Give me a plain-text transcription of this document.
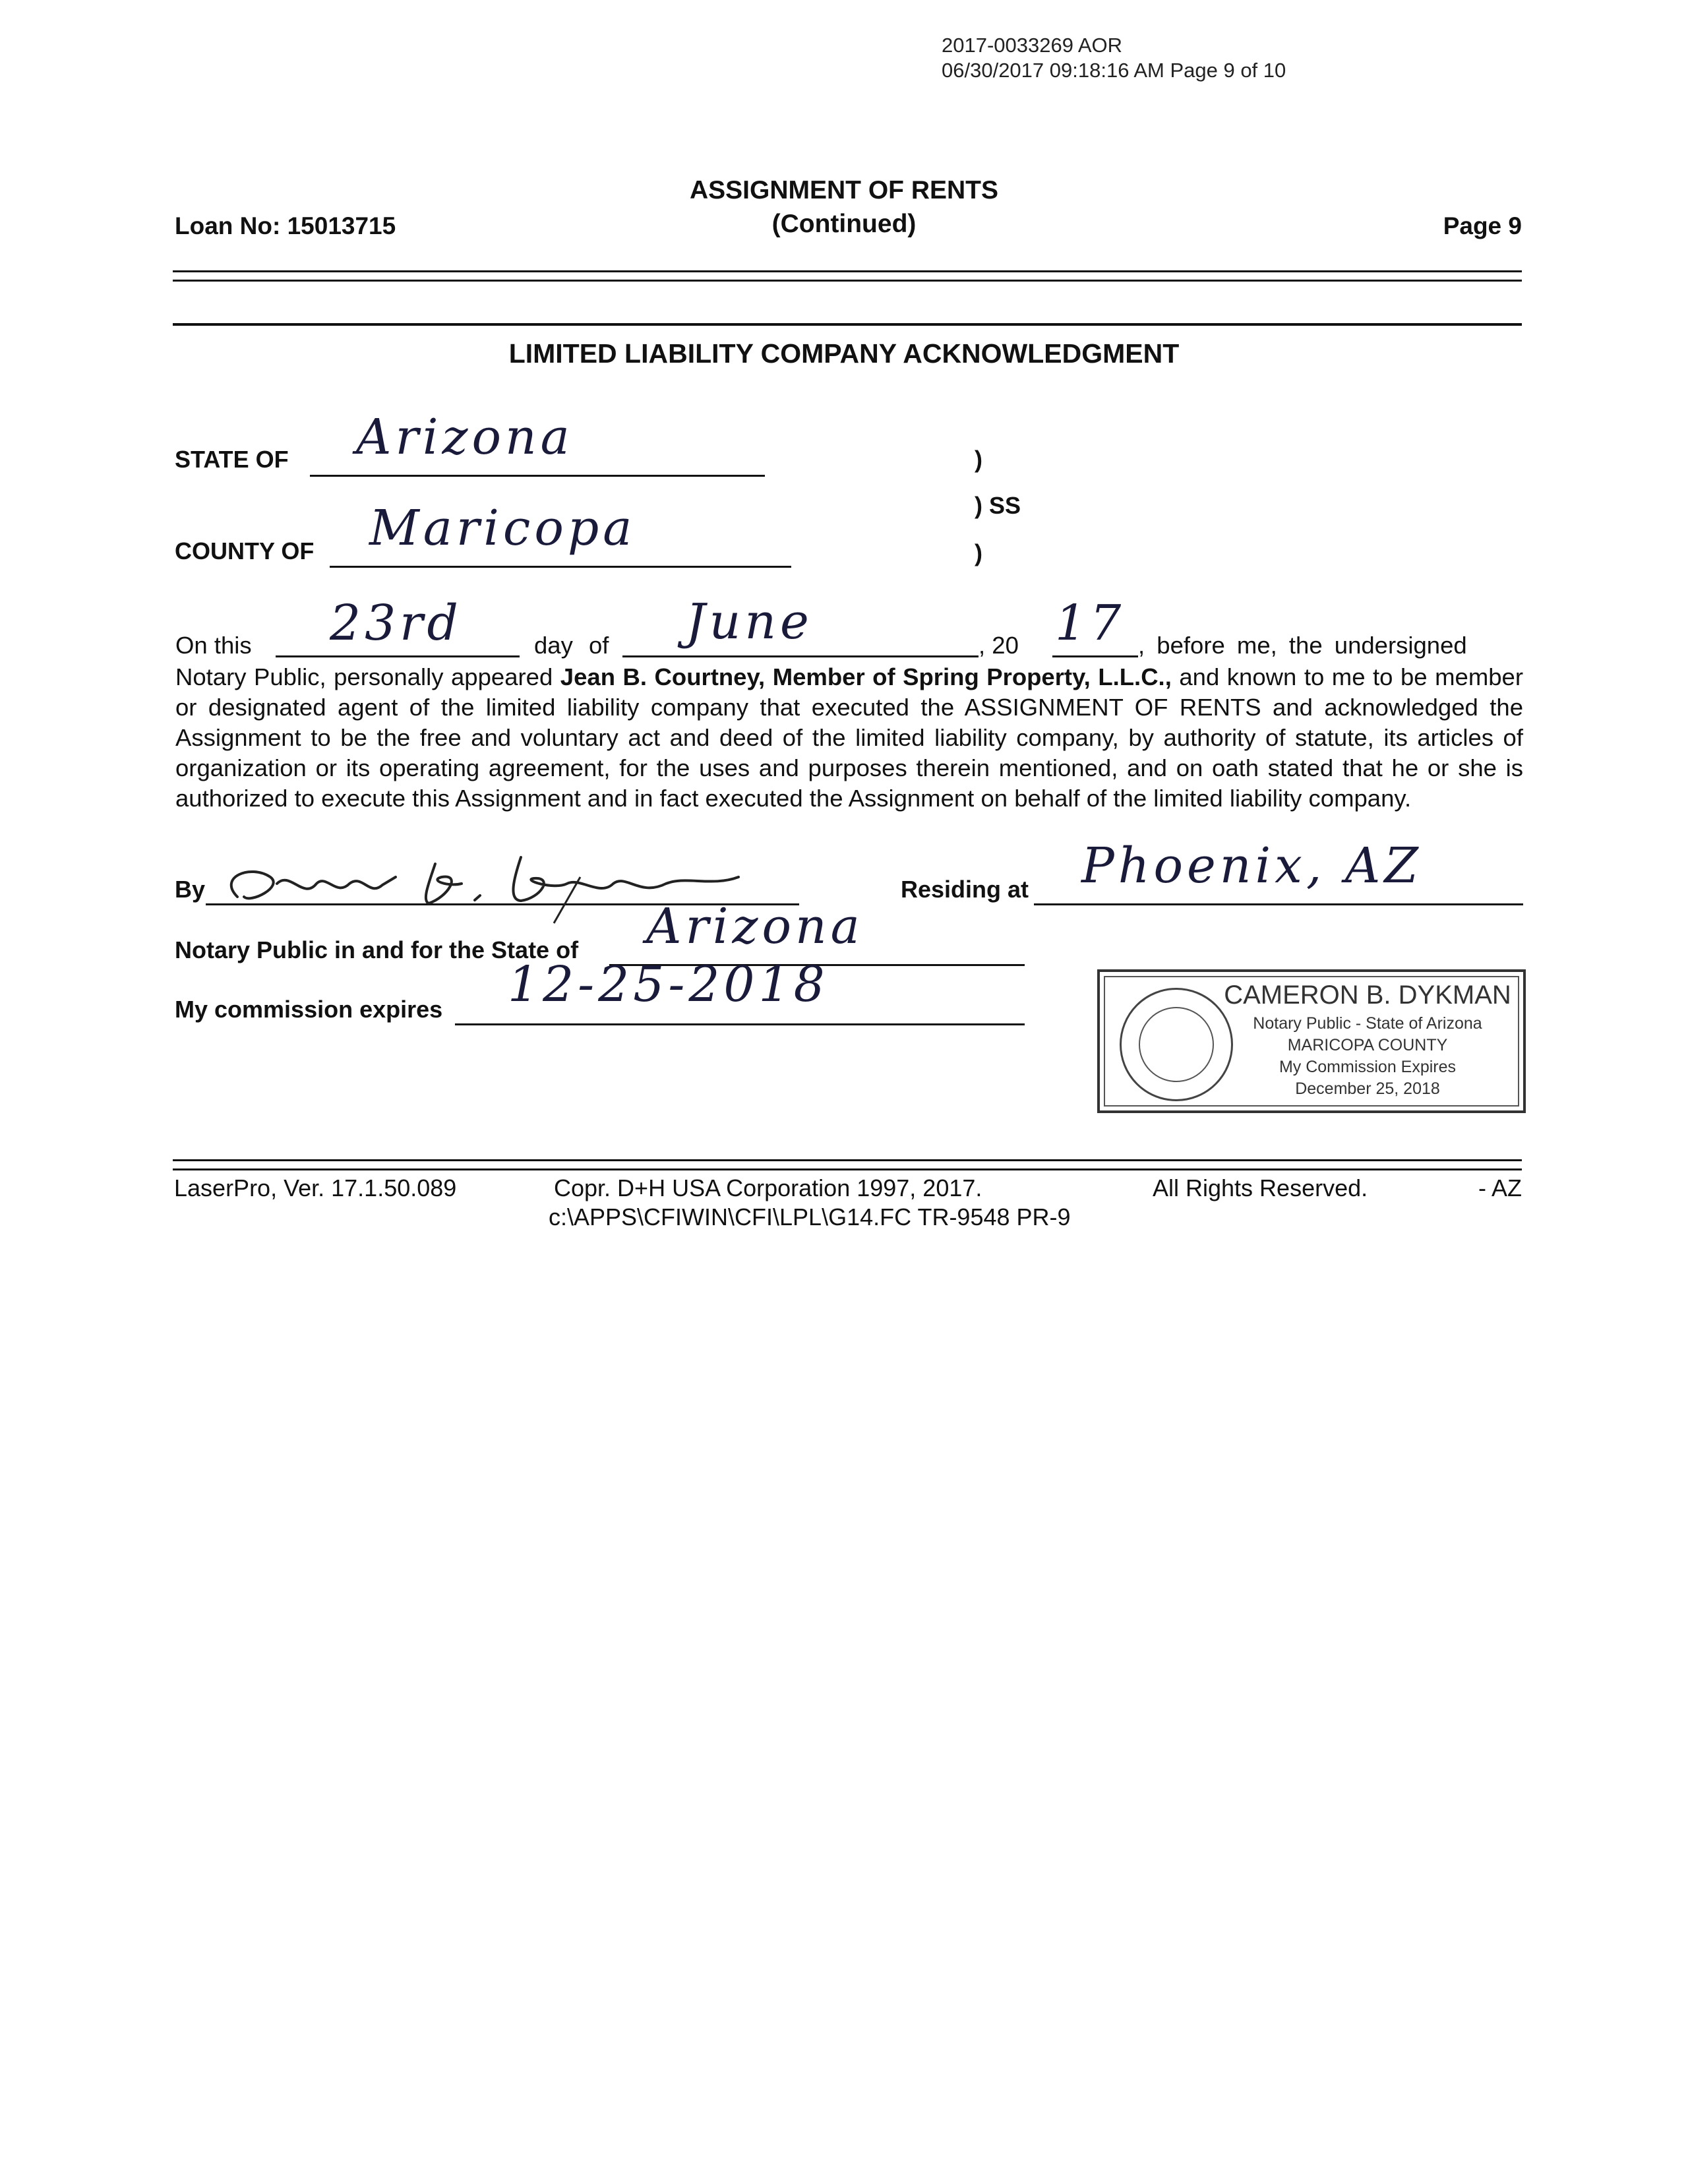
2017-0033269 AOR
06/30/2017 09:18:16 AM Page 9 of 10
ASSIGNMENT OF RENTS
(Continued)
Loan No: 15013715	Page 9
LIMITED LIABILITY COMPANY ACKNOWLEDGMENT
STATE OF Arizona
COUNTY OF Maricopa
)
) SS
)
On this 23rd	day of June	, 20 17 , before me, the undersigned
Notary Public, personally appeared Jean B. Courtney, Member of Spring Property, L.L.C., and known to me to be member or designated agent of the limited liability company that executed the ASSIGNMENT OF RENTS and acknowledged the Assignment to be the free and voluntary act and deed of the limited liability company, by authority of statute, its articles of organization or its operating agreement, for the uses and purposes therein mentioned, and on oath stated that he or she is authorized to execute this Assignment and in fact executed the Assignment on behalf of the limited liability company.
By	Residing at Phoenix, AZ
Notary Public in and for the State of Arizona
My commission expires 12-25-2018	CAMERON B. DYKMAN
Notary Public - State of Arizona
MARICOPA COUNTY
My Commission Expires
December 25, 2018
LaserPro, Ver. 17.1.50.089	Copr. D+H USA Corporation 1997, 2017.	All Rights Reserved.	- AZ
c:\APPS\CFIWIN\CFI\LPL\G14.FC TR-9548 PR-9
